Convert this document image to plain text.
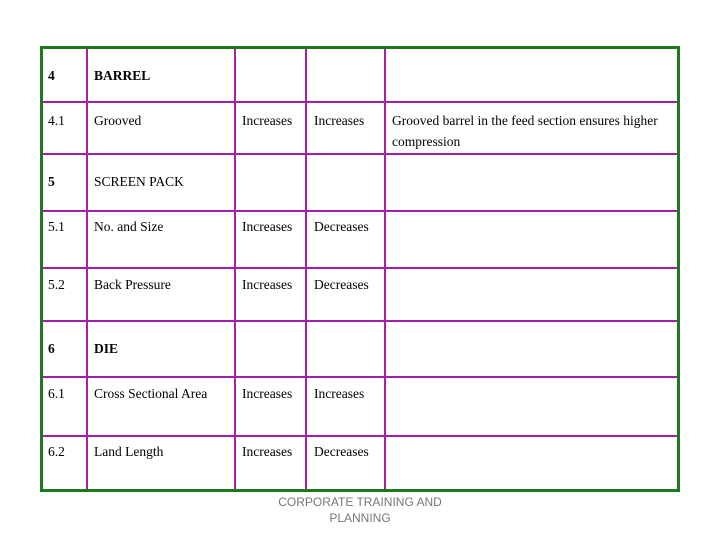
4	BARREL
4.1 Grooved	Increases Increases Grooved barrel in the feed section ensures higher compression
5	SCREEN PACK
5.1 No. and Size	Increases Decreases
5.2 Back Pressure	Increases Decreases
6	DIE
6.1 Cross Sectional Area	Increases Increases
6.2 Land Length	Increases Decreases
CORPORATE TRAINING AND
PLANNING
